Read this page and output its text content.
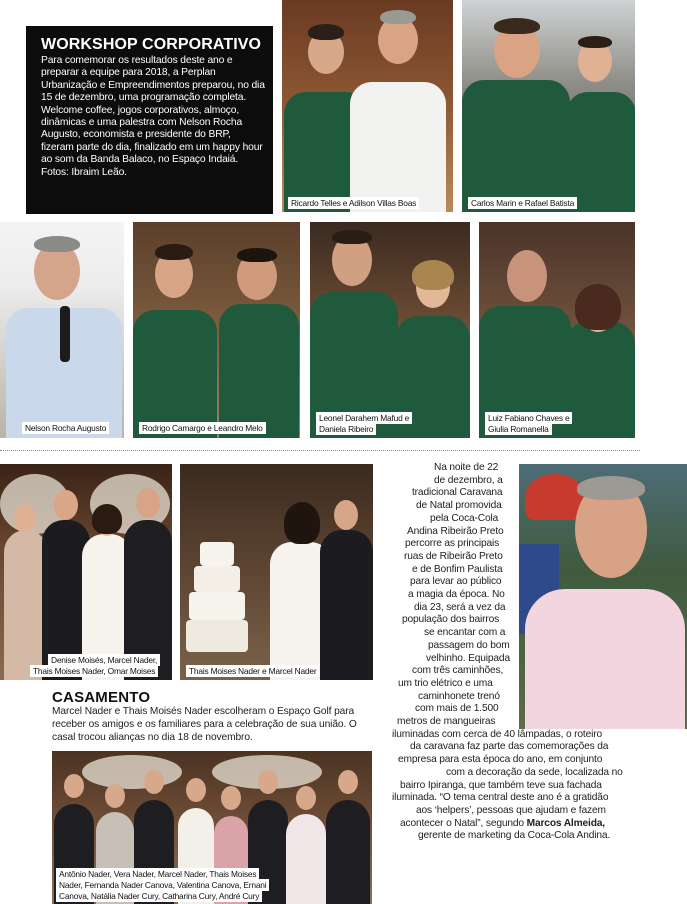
WORKSHOP CORPORATIVO

Para comemorar os resultados deste ano e preparar a equipe para 2018, a Perplan Urbanização e Empreendimentos preparou, no dia 15 de dezembro, uma programação completa. Welcome coffee, jogos corporativos, almoço, dinâmicas e uma palestra com Nelson Rocha Augusto, economista e presidente do BRP, fizeram parte do dia, finalizado em um happy hour ao som da Banda Balaco, no Espaço Indaiá. Fotos: Ibraim Leão.

Ricardo Telles e Adilson Villas Boas	Carlos Marin e Rafael Batista
Nelson Rocha Augusto	Rodrigo Camargo e Leandro Melo
Leonel Darahem Mafud e
Daniela Ribeiro
Luiz Fabiano Chaves e
Giulia Romanella
Denise Moisés, Marcel Nader,
Thais Moises Nader, Omar Moises	Thais Moises Nader e Marcel Nader
CASAMENTO
Marcel Nader e Thais Moisés Nader escolheram o Espaço Golf para receber os amigos e os familiares para a celebração de sua união. O casal trocou alianças no dia 18 de novembro.
Antônio Nader, Vera Nader, Marcel Nader, Thais Moises
Nader, Fernanda Nader Canova, Valentina Canova, Ernani
Canova, Natália Nader Cury, Catharina Cury, André Cury
Na noite de 22
de dezembro, a
tradicional Caravana
de Natal promovida
pela Coca-Cola
Andina Ribeirão Preto
percorre as principais
ruas de Ribeirão Preto
e de Bonfim Paulista
para levar ao público
a magia da época. No
dia 23, será a vez da
população dos bairros
se encantar com a
passagem do bom
velhinho. Equipada
com três caminhões,
um trio elétrico e uma
caminhonete trenó
com mais de 1.500
metros de mangueiras
iluminadas com cerca de 40 lâmpadas, o roteiro
da caravana faz parte das comemorações da
empresa para esta época do ano, em conjunto
com a decoração da sede, localizada no
bairro Ipiranga, que também teve sua fachada
iluminada. “O tema central deste ano é a gratidão
aos ‘helpers’, pessoas que ajudam e fazem
acontecer o Natal”, segundo Marcos Almeida,
gerente de marketing da Coca-Cola Andina.
